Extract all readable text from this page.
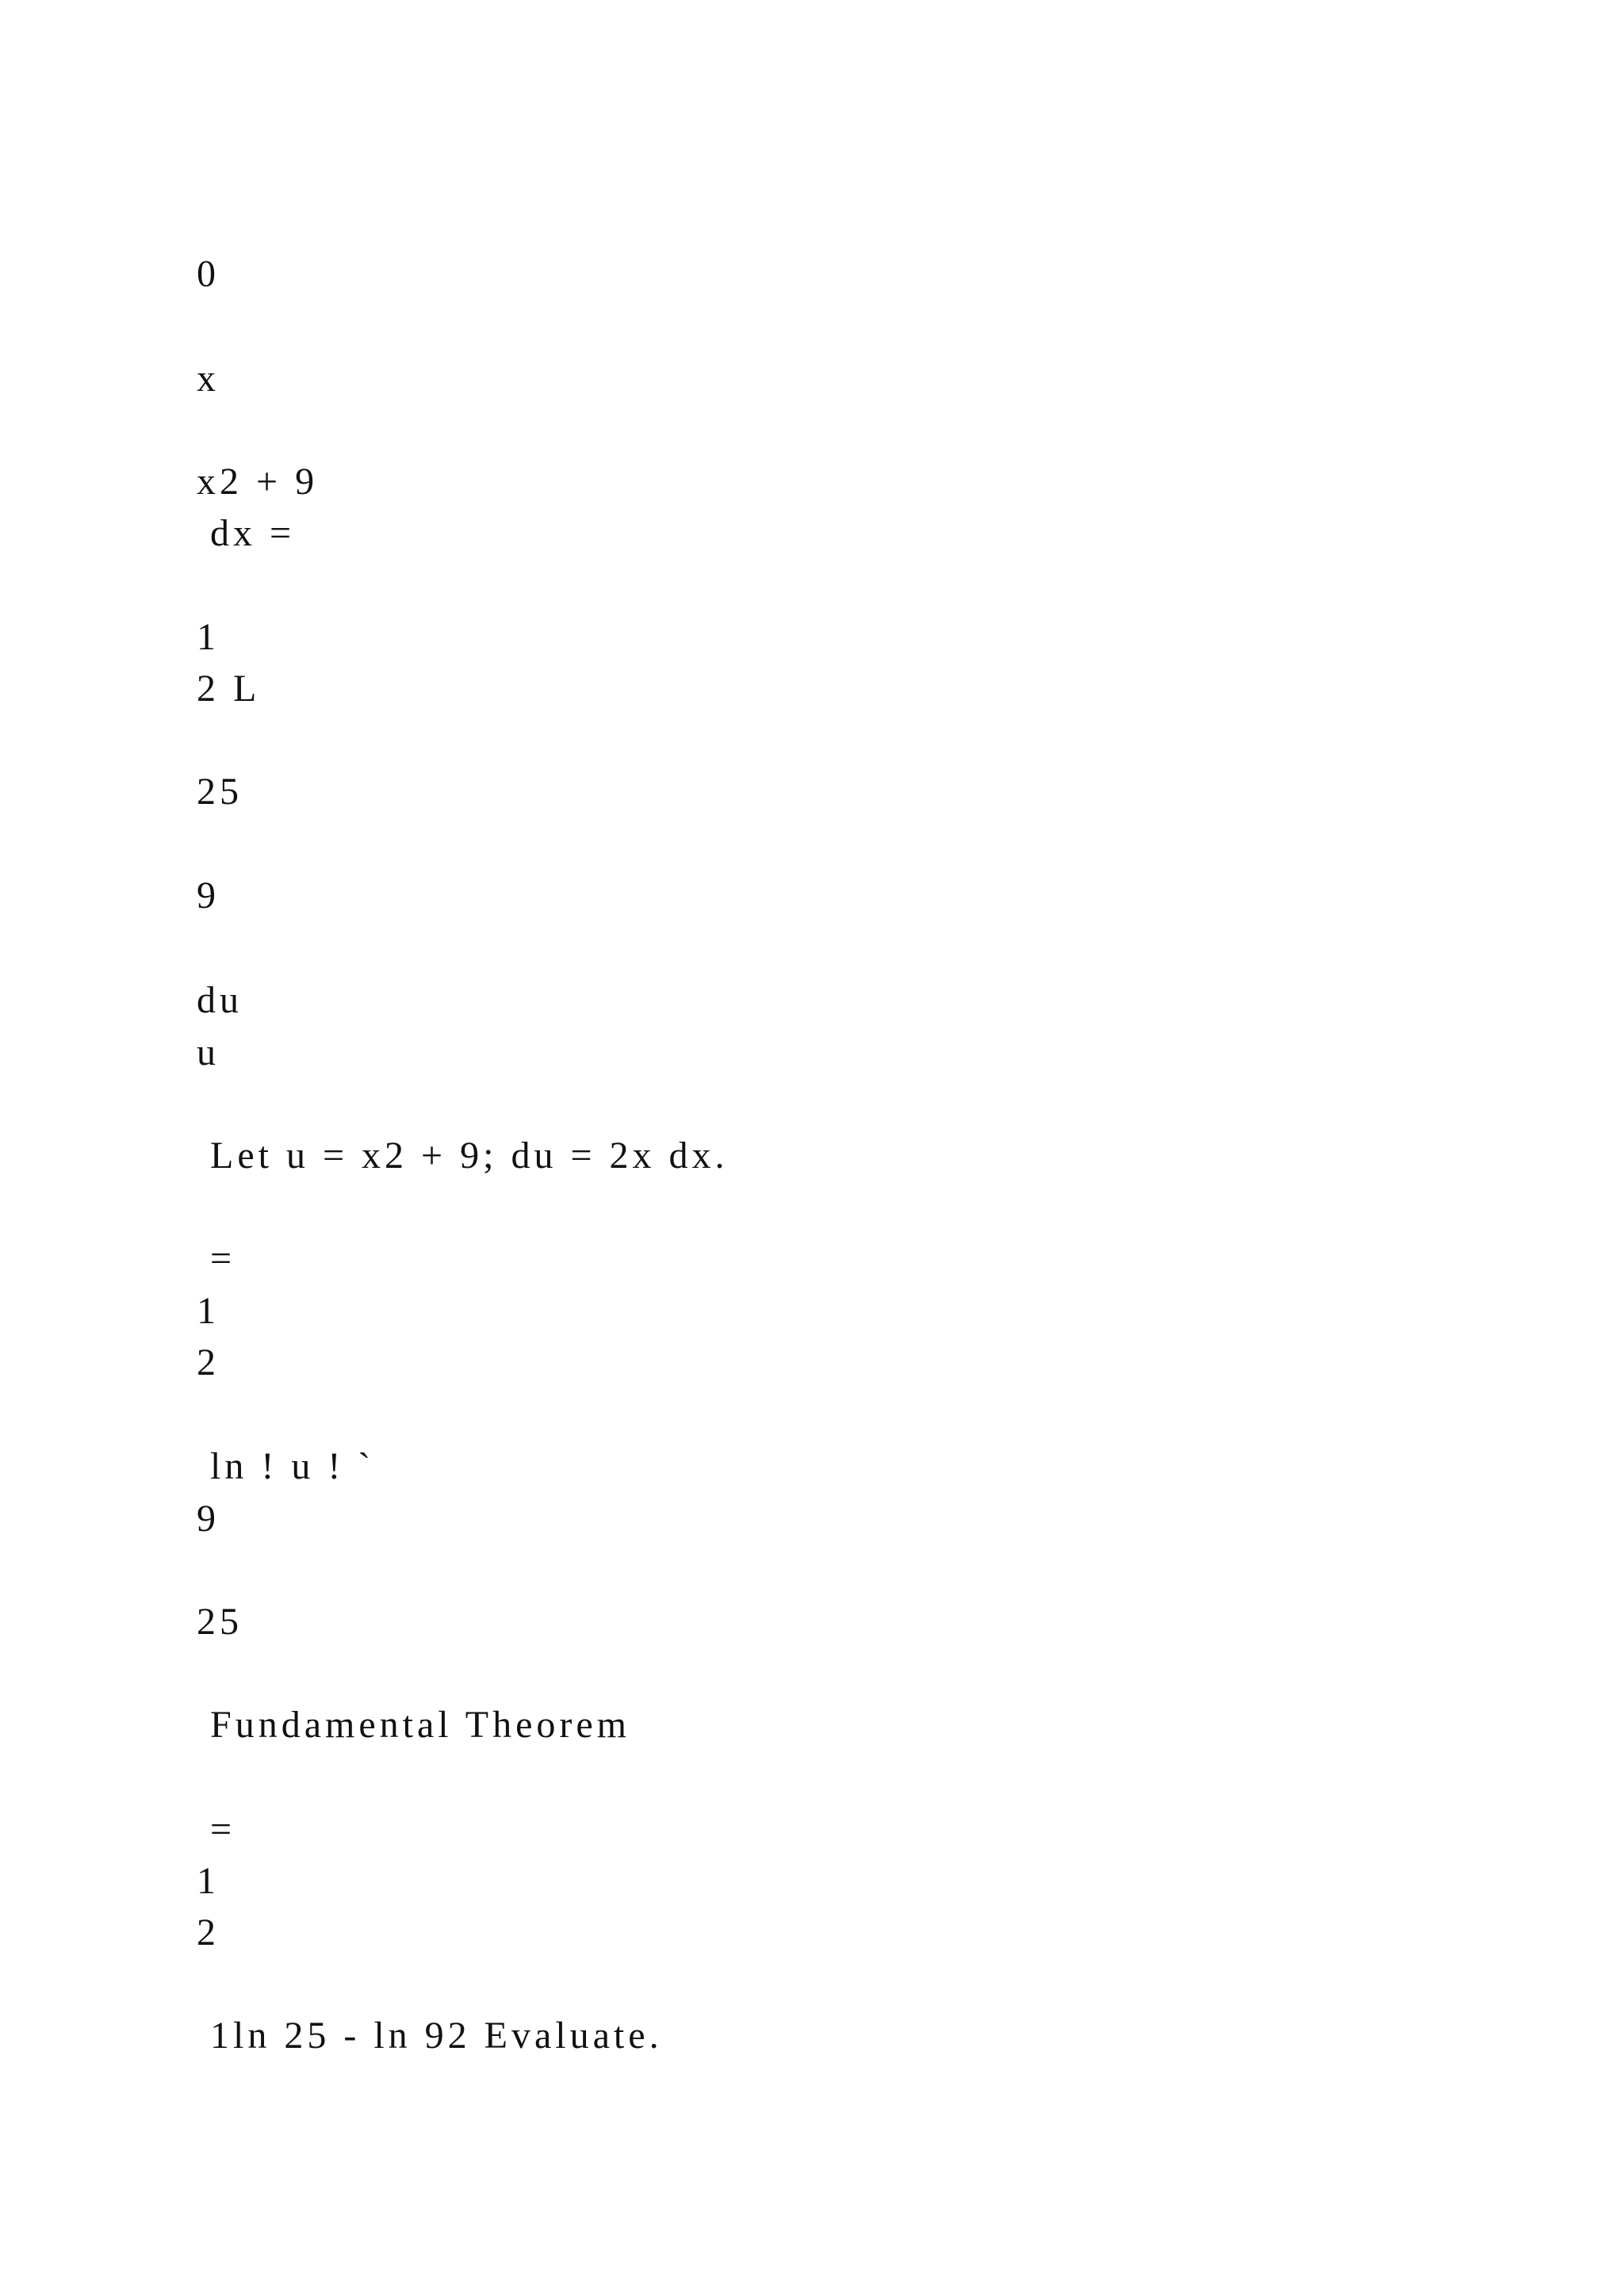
0

x

x2 + 9

dx =

1

2 L

25

9

du

u

Let u = x2 + 9; du = 2x dx.

=

1

2

ln ! u ! `

9

25

Fundamental Theorem

=

1

2

1ln 25 - ln 92 Evaluate.
